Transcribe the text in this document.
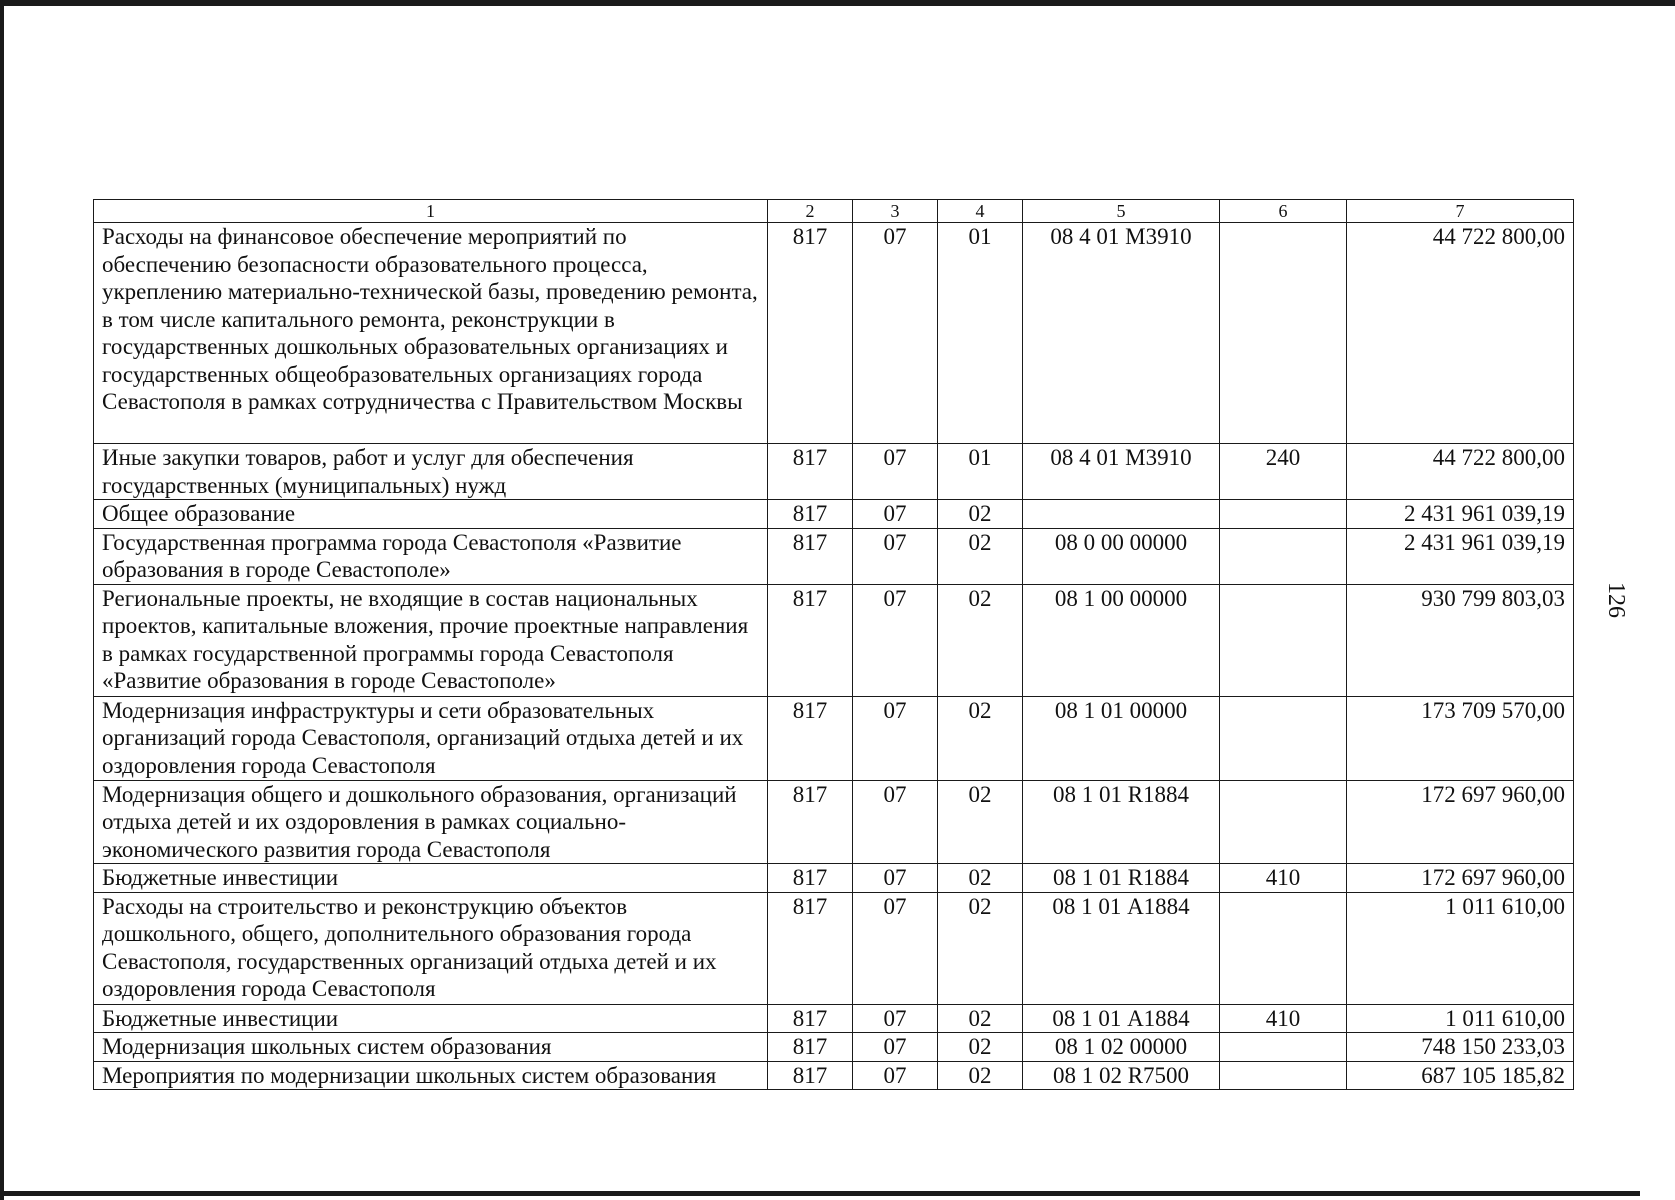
126
1	2	3	4	5	6	7
Расходы на финансовое обеспечение мероприятий по обеспечению безопасности образовательного процесса, укреплению материально-технической базы, проведению ремонта, в том числе капитального ремонта, реконструкции в государственных дошкольных образовательных организациях и государственных общеобразовательных организациях города Севастополя в рамках сотрудничества с Правительством Москвы	817	07	01	08 4 01 М3910		44 722 800,00
Иные закупки товаров, работ и услуг для обеспечения государственных (муниципальных) нужд	817	07	01	08 4 01 М3910	240	44 722 800,00
Общее образование	817	07	02			2 431 961 039,19
Государственная программа города Севастополя «Развитие образования в городе Севастополе»	817	07	02	08 0 00 00000		2 431 961 039,19
Региональные проекты, не входящие в состав национальных проектов, капитальные вложения, прочие проектные направления в рамках государственной программы города Севастополя «Развитие образования в городе Севастополе»	817	07	02	08 1 00 00000		930 799 803,03
Модернизация инфраструктуры и сети образовательных организаций города Севастополя, организаций отдыха детей и их оздоровления города Севастополя	817	07	02	08 1 01 00000		173 709 570,00
Модернизация общего и дошкольного образования, организаций отдыха детей и их оздоровления в рамках социально-экономического развития города Севастополя	817	07	02	08 1 01 R1884		172 697 960,00
Бюджетные инвестиции	817	07	02	08 1 01 R1884	410	172 697 960,00
Расходы на строительство и реконструкцию объектов дошкольного, общего, дополнительного образования города Севастополя, государственных организаций отдыха детей и их оздоровления города Севастополя	817	07	02	08 1 01 А1884		1 011 610,00
Бюджетные инвестиции	817	07	02	08 1 01 А1884	410	1 011 610,00
Модернизация школьных систем образования	817	07	02	08 1 02 00000		748 150 233,03
Мероприятия по модернизации школьных систем образования	817	07	02	08 1 02 R7500		687 105 185,82
